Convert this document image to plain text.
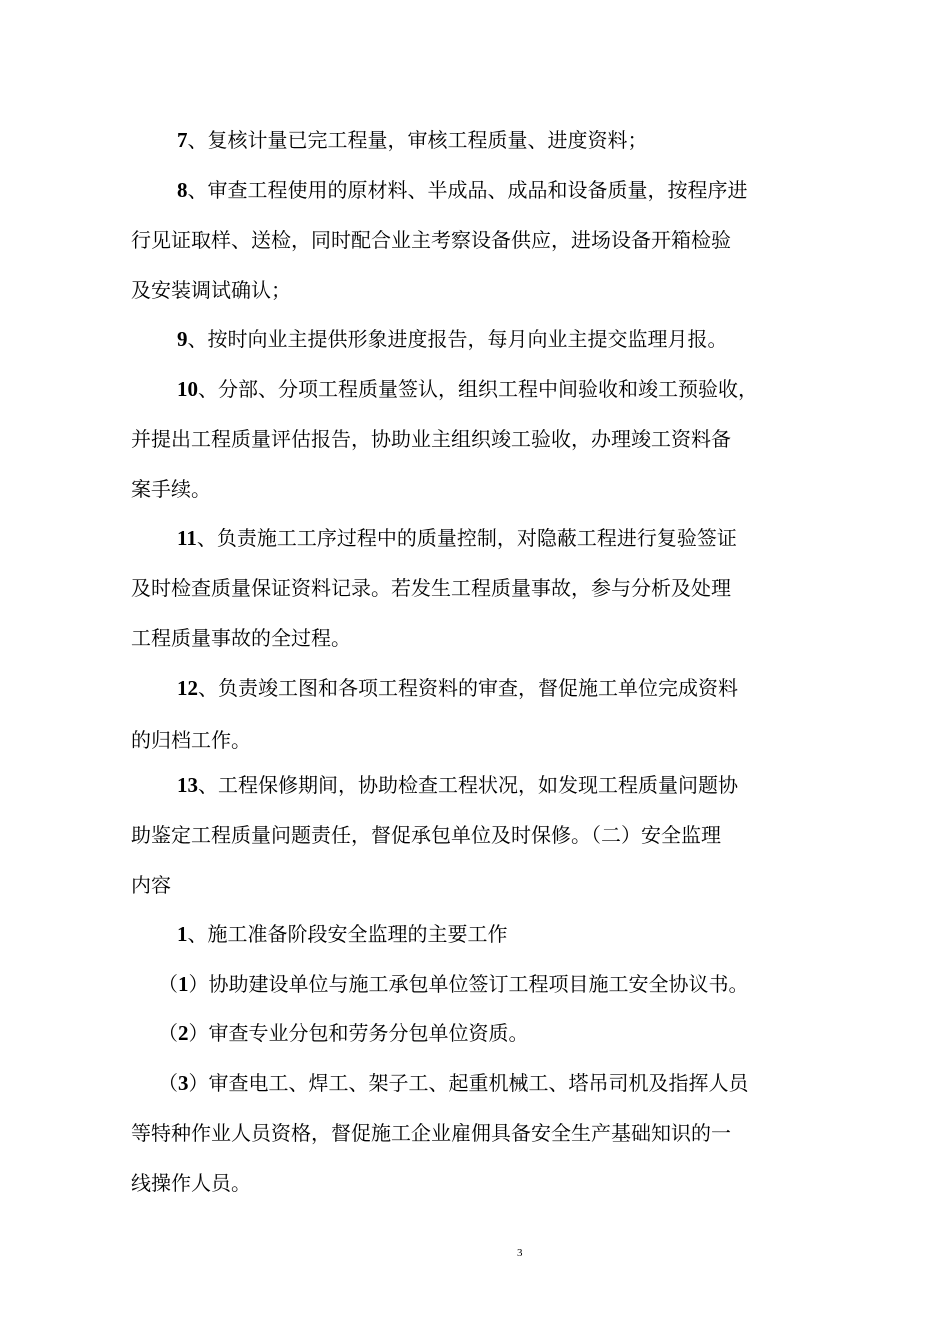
7、复核计量已完工程量，审核工程质量、进度资料；
8、审查工程使用的原材料、半成品、成品和设备质量，按程序进
行见证取样、送检，同时配合业主考察设备供应，进场设备开箱检验
及安装调试确认；
9、按时向业主提供形象进度报告，每月向业主提交监理月报。
10、分部、分项工程质量签认，组织工程中间验收和竣工预验收，
并提出工程质量评估报告，协助业主组织竣工验收，办理竣工资料备
案手续。
11、负责施工工序过程中的质量控制，对隐蔽工程进行复验签证
及时检查质量保证资料记录。若发生工程质量事故，参与分析及处理
工程质量事故的全过程。
12、负责竣工图和各项工程资料的审查，督促施工单位完成资料
的归档工作。
13、工程保修期间，协助检查工程状况，如发现工程质量问题协
助鉴定工程质量问题责任，督促承包单位及时保修。（二）安全监理
内容
1、施工准备阶段安全监理的主要工作
（1）协助建设单位与施工承包单位签订工程项目施工安全协议书。
（2）审查专业分包和劳务分包单位资质。
（3）审查电工、焊工、架子工、起重机械工、塔吊司机及指挥人员
等特种作业人员资格，督促施工企业雇佣具备安全生产基础知识的一
线操作人员。
3
